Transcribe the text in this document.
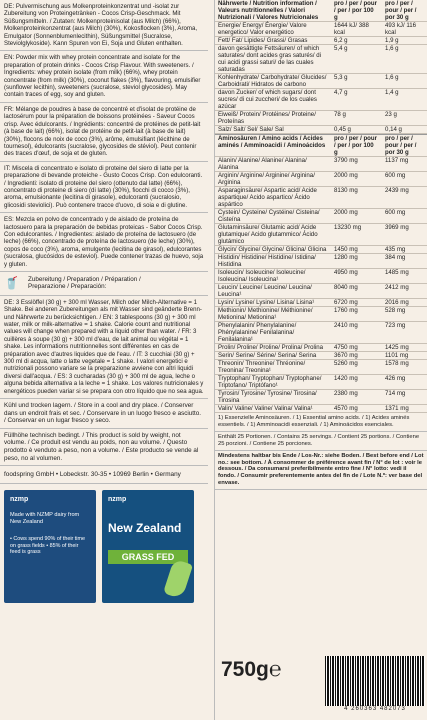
DE: Pulvermischung aus Molkenproteinkonzentrat und -isolat zur Zubereitung von Proteingetränken - Cocos Crisp-Geschmack. Mit Süßungsmitteln. / Zutaten: Molkenproteinisolat (aus Milch) (66%), Molkenproteinkonzentrat (aus Milch) (30%), Kokosflocken (3%), Aroma, Emulgator (Sonnenblumenlecithin), Süßungsmittel (Sucralose, Steviolglykoside). Kann Spuren von Ei, Soja und Gluten enthalten.
EN: Powder mix with whey protein concentrate and isolate for the preparation of protein drinks - Cocos Crisp Flavour. With sweeteners. / Ingredients: whey protein isolate (from milk) (66%), whey protein concentrate (from milk) (30%), coconut flakes (3%), flavouring, emulsifier (sunflower lecithin), sweeteners (sucralose, steviol glycosides). May contain traces of egg, soy and gluten.
FR: Mélange de poudres à base de concentré et d'isolat de protéine de lactosérum pour la préparation de boissons protéinées - Saveur Cocos crisp. Avec édulcorants. / Ingrédients: concentré de protéines de petit-lait (à base de lait) (66%), isolat de protéine de petit-lait (à base de lait) (30%), flocons de noix de coco (3%), arôme, émulsifiant (lécithine de tournesol), édulcorants (sucralose, glycosides de stéviol). Peut contenir des traces d'œuf, de soja et de gluten.
IT: Miscela di concentrato e isolato di proteine del siero di latte per la preparazione di bevande proteiche - Gusto Cocos Crisp. Con edulcoranti. / Ingredienti: isolato di proteine del siero (ottenuto dal latte) (66%), concentrato di proteine di siero (di latte) (30%), fiocchi di cocco (3%), aroma, emulsionante (lecitina di girasole), edulcoranti (sucralosio, glicosidi steviolici). Può contenere tracce d'uovo, di soia e di glutine.
ES: Mezcla en polvo de concentrado y de aislado de proteína de lactosuero para la preparación de bebidas proteicas - Sabor Cocos Crisp. Con edulcorantes. / Ingredientes: aislado de proteína de lactosuero (de leche) (66%), concentrado de proteína de lactosuero (de leche) (30%), copos de coco (3%), aroma, emulgente (lecitina de girasol), edulcorantes (sucralosa, glucósidos de esteviol). Puede contener trazas de huevo, soja y gluten.
🥤	Zubereitung / Preparation / Préparation /
Preparazione / Preparación:
DE: 3 Esslöffel (30 g) + 300 ml Wasser, Milch oder Milch-Alternative = 1 Shake. Bei anderen Zubereitungen als mit Wasser sind geänderte Brenn- und Nährwerte zu berücksichtigen. / EN: 3 tablespoons (30 g) + 300 ml water, milk or milk-alternative = 1 shake. Calorie count and nutritional values will change when prepared with a liquid other than water. / FR: 3 cuillères à soupe (30 g) + 300 ml d'eau, de lait animal ou végétal = 1 shake. Les informations nutritionnelles sont différentes en cas de préparation avec d'autres liquides que de l'eau. / IT: 3 cucchiai (30 g) + 300 ml di acqua, latte o latte vegetale = 1 shake. I valori energetici e nutrizionali possono variare se la preparazione avviene con altri liquidi diversi dall'acqua. / ES: 3 cucharadas (30 g) + 300 ml de agua, leche o alguna bebida alternativa a la leche = 1 shake. Los valores nutricionales y energéticos pueden variar si se prepara con otro líquido que no sea agua.
Kühl und trocken lagern. / Store in a cool and dry place. / Conserver dans un endroit frais et sec. / Conservare in un luogo fresco e asciutto. / Conservar en un lugar fresco y seco.
Füllhöhe technisch bedingt. / This product is sold by weight, not volume. / Ce produit est vendu au poids, non au volume. / Questo prodotto è venduto a peso, non a volume. / Este producto se vende al peso, no al volumen.
foodspring GmbH • Lobeckstr. 30-35 • 10969 Berlin • Germany
nzmp
Made with NZMP dairy from New Zealand
• Cows spend 90% of their time on grass fields • 85% of their feed is grass
nzmp
New Zealand
GRASS FED
Nährwerte / Nutrition information / Valeurs nutritionnelles / Valori Nutrizionali / Valores Nutricionales	pro / per / pour / per / por 100 g	pro / per / pour / per / por 30 g
Energie/ Energy/ Énergie/ Valore energetico/ Valor energético	1644 kJ/ 388 kcal	493 kJ/ 116 kcal
Fett/ Fat/ Lipides/ Grassi/ Grasas	6,2 g	1,9 g
davon gesättigte Fettsäuren/ of which saturates/ dont acides gras saturés/ di cui acidi grassi saturi/ de las cuales saturadas	5,4 g	1,6 g
Kohlenhydrate/ Carbohydrate/ Glucides/ Carboidrati/ Hidratos de carbono	5,3 g	1,6 g
davon Zucker/ of which sugars/ dont sucres/ di cui zuccheri/ de los cuales azúcar	4,7 g	1,4 g
Eiweiß/ Protein/ Protéines/ Proteine/ Proteínas	78 g	23 g
Salz/ Salt/ Sel/ Sale/ Sal	0,45 g	0,14 g
Aminosäuren / Amino acids / Acides aminés / Amminoacidi / Aminoácidos	pro / per / pour / per / por 100 g	pro / per / pour / per / por 30 g
Alanin/ Alanine/ Alanine/ Alanina/ Alanina	3790 mg	1137 mg
Arginin/ Arginine/ Arginine/ Arginina/ Arginina	2000 mg	600 mg
Asparaginsäure/ Aspartic acid/ Acide aspartique/ Acido aspartico/ Ácido aspártico	8130 mg	2439 mg
Cystein/ Cysteine/ Cystéine/ Cisteina/ Cisteína	2000 mg	600 mg
Glutaminsäure/ Glutamic acid/ Acide glutamique/ Acido glutammico/ Ácido glutámico	13230 mg	3969 mg
Glycin/ Glycine/ Glycine/ Glicina/ Glicina	1450 mg	435 mg
Histidin/ Histidine/ Histidine/ Istidina/ Histidina	1280 mg	384 mg
Isoleucin/ Isoleucine/ Isoleucine/ Isoleucina/ Isoleucina¹	4950 mg	1485 mg
Leucin/ Leucine/ Leucine/ Leucina/ Leucina¹	8040 mg	2412 mg
Lysin/ Lysine/ Lysine/ Lisina/ Lisina¹	6720 mg	2016 mg
Methionin/ Methionine/ Méthionine/ Metionina/ Metionina¹	1760 mg	528 mg
Phenylalanin/ Phenylalanine/ Phénylalanine/ Fenilalanina/ Fenilalanina¹	2410 mg	723 mg
Prolin/ Proline/ Proline/ Prolina/ Prolina	4750 mg	1425 mg
Serin/ Serine/ Sérine/ Serina/ Serina	3670 mg	1101 mg
Threonin/ Threonine/ Thréonine/ Treonina/ Treonina¹	5260 mg	1578 mg
Tryptophan/ Tryptophan/ Tryptophane/ Triptofano/ Triptófano¹	1420 mg	426 mg
Tyrosin/ Tyrosine/ Tyrosine/ Tirosina/ Tirosina	2380 mg	714 mg
Valin/ Valine/ Valine/ Valina/ Valina¹	4570 mg	1371 mg
1) Essenzielle Aminosäuren. / 1) Essential amino acids. / 1) Acides aminés essentiels. / 1) Amminoacidi essenziali. / 1) Aminoácidos esenciales.
Enthält 25 Portionen. / Contains 25 servings. / Contient 25 portions. / Contiene 25 porzioni. / Contiene 25 porciones.
Mindestens haltbar bis Ende / Los-Nr.: siehe Boden. / Best before end / Lot no.: see bottom. / À consommer de préférence avant fin / N° de lot : voir le dessous. / Da consumarsi preferibilmente entro fine / N° lotto: vedi il fondo. / Consumir preferentemente antes del fin de / Lote N.º: ver base del envase.
750g℮
4 260363 482073
